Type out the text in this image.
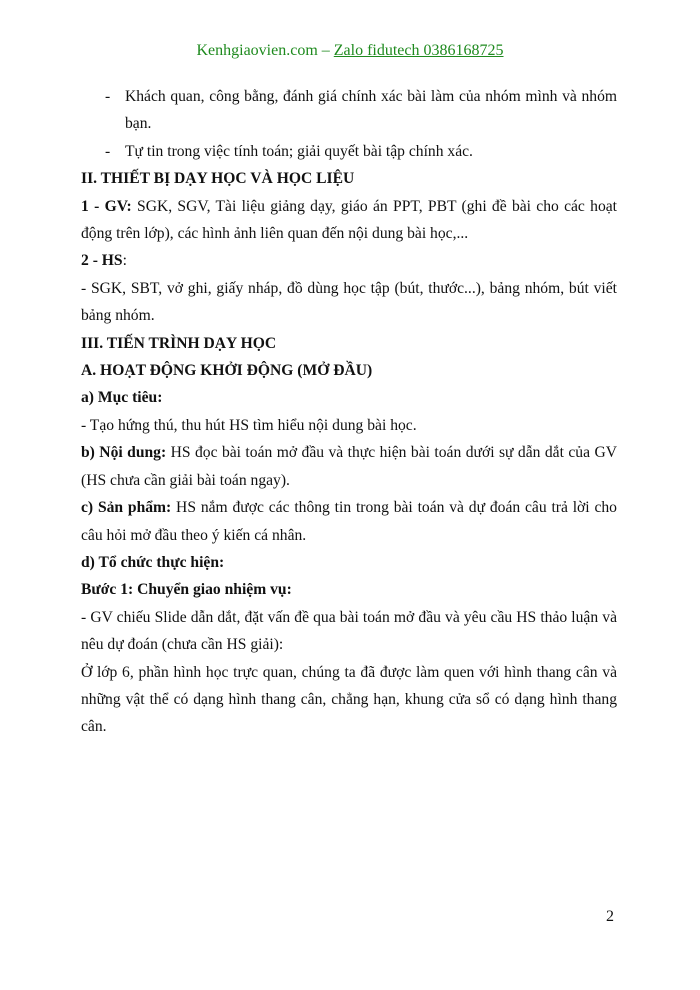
Kenhgiaovien.com – Zalo fidutech 0386168725
- Khách quan, công bằng, đánh giá chính xác bài làm của nhóm mình và nhóm bạn.
- Tự tin trong việc tính toán; giải quyết bài tập chính xác.

II. THIẾT BỊ DẠY HỌC VÀ HỌC LIỆU

1 - GV: SGK, SGV, Tài liệu giảng dạy, giáo án PPT, PBT (ghi đề bài cho các hoạt động trên lớp), các hình ảnh liên quan đến nội dung bài học,...

2 - HS:

- SGK, SBT, vở ghi, giấy nháp, đồ dùng học tập (bút, thước...), bảng nhóm, bút viết bảng nhóm.

III. TIẾN TRÌNH DẠY HỌC

A. HOẠT ĐỘNG KHỞI ĐỘNG (MỞ ĐẦU)

a) Mục tiêu:

- Tạo hứng thú, thu hút HS tìm hiểu nội dung bài học.

b) Nội dung: HS đọc bài toán mở đầu và thực hiện bài toán dưới sự dẫn dắt của GV (HS chưa cần giải bài toán ngay).

c) Sản phẩm: HS nắm được các thông tin trong bài toán và dự đoán câu trả lời cho câu hỏi mở đầu theo ý kiến cá nhân.

d) Tổ chức thực hiện:

Bước 1: Chuyển giao nhiệm vụ:

- GV chiếu Slide dẫn dắt, đặt vấn đề qua bài toán mở đầu và yêu cầu HS thảo luận và nêu dự đoán (chưa cần HS giải):

Ở lớp 6, phần hình học trực quan, chúng ta đã được làm quen với hình thang cân và những vật thể có dạng hình thang cân, chẳng hạn, khung cửa sổ có dạng hình thang cân.

2
